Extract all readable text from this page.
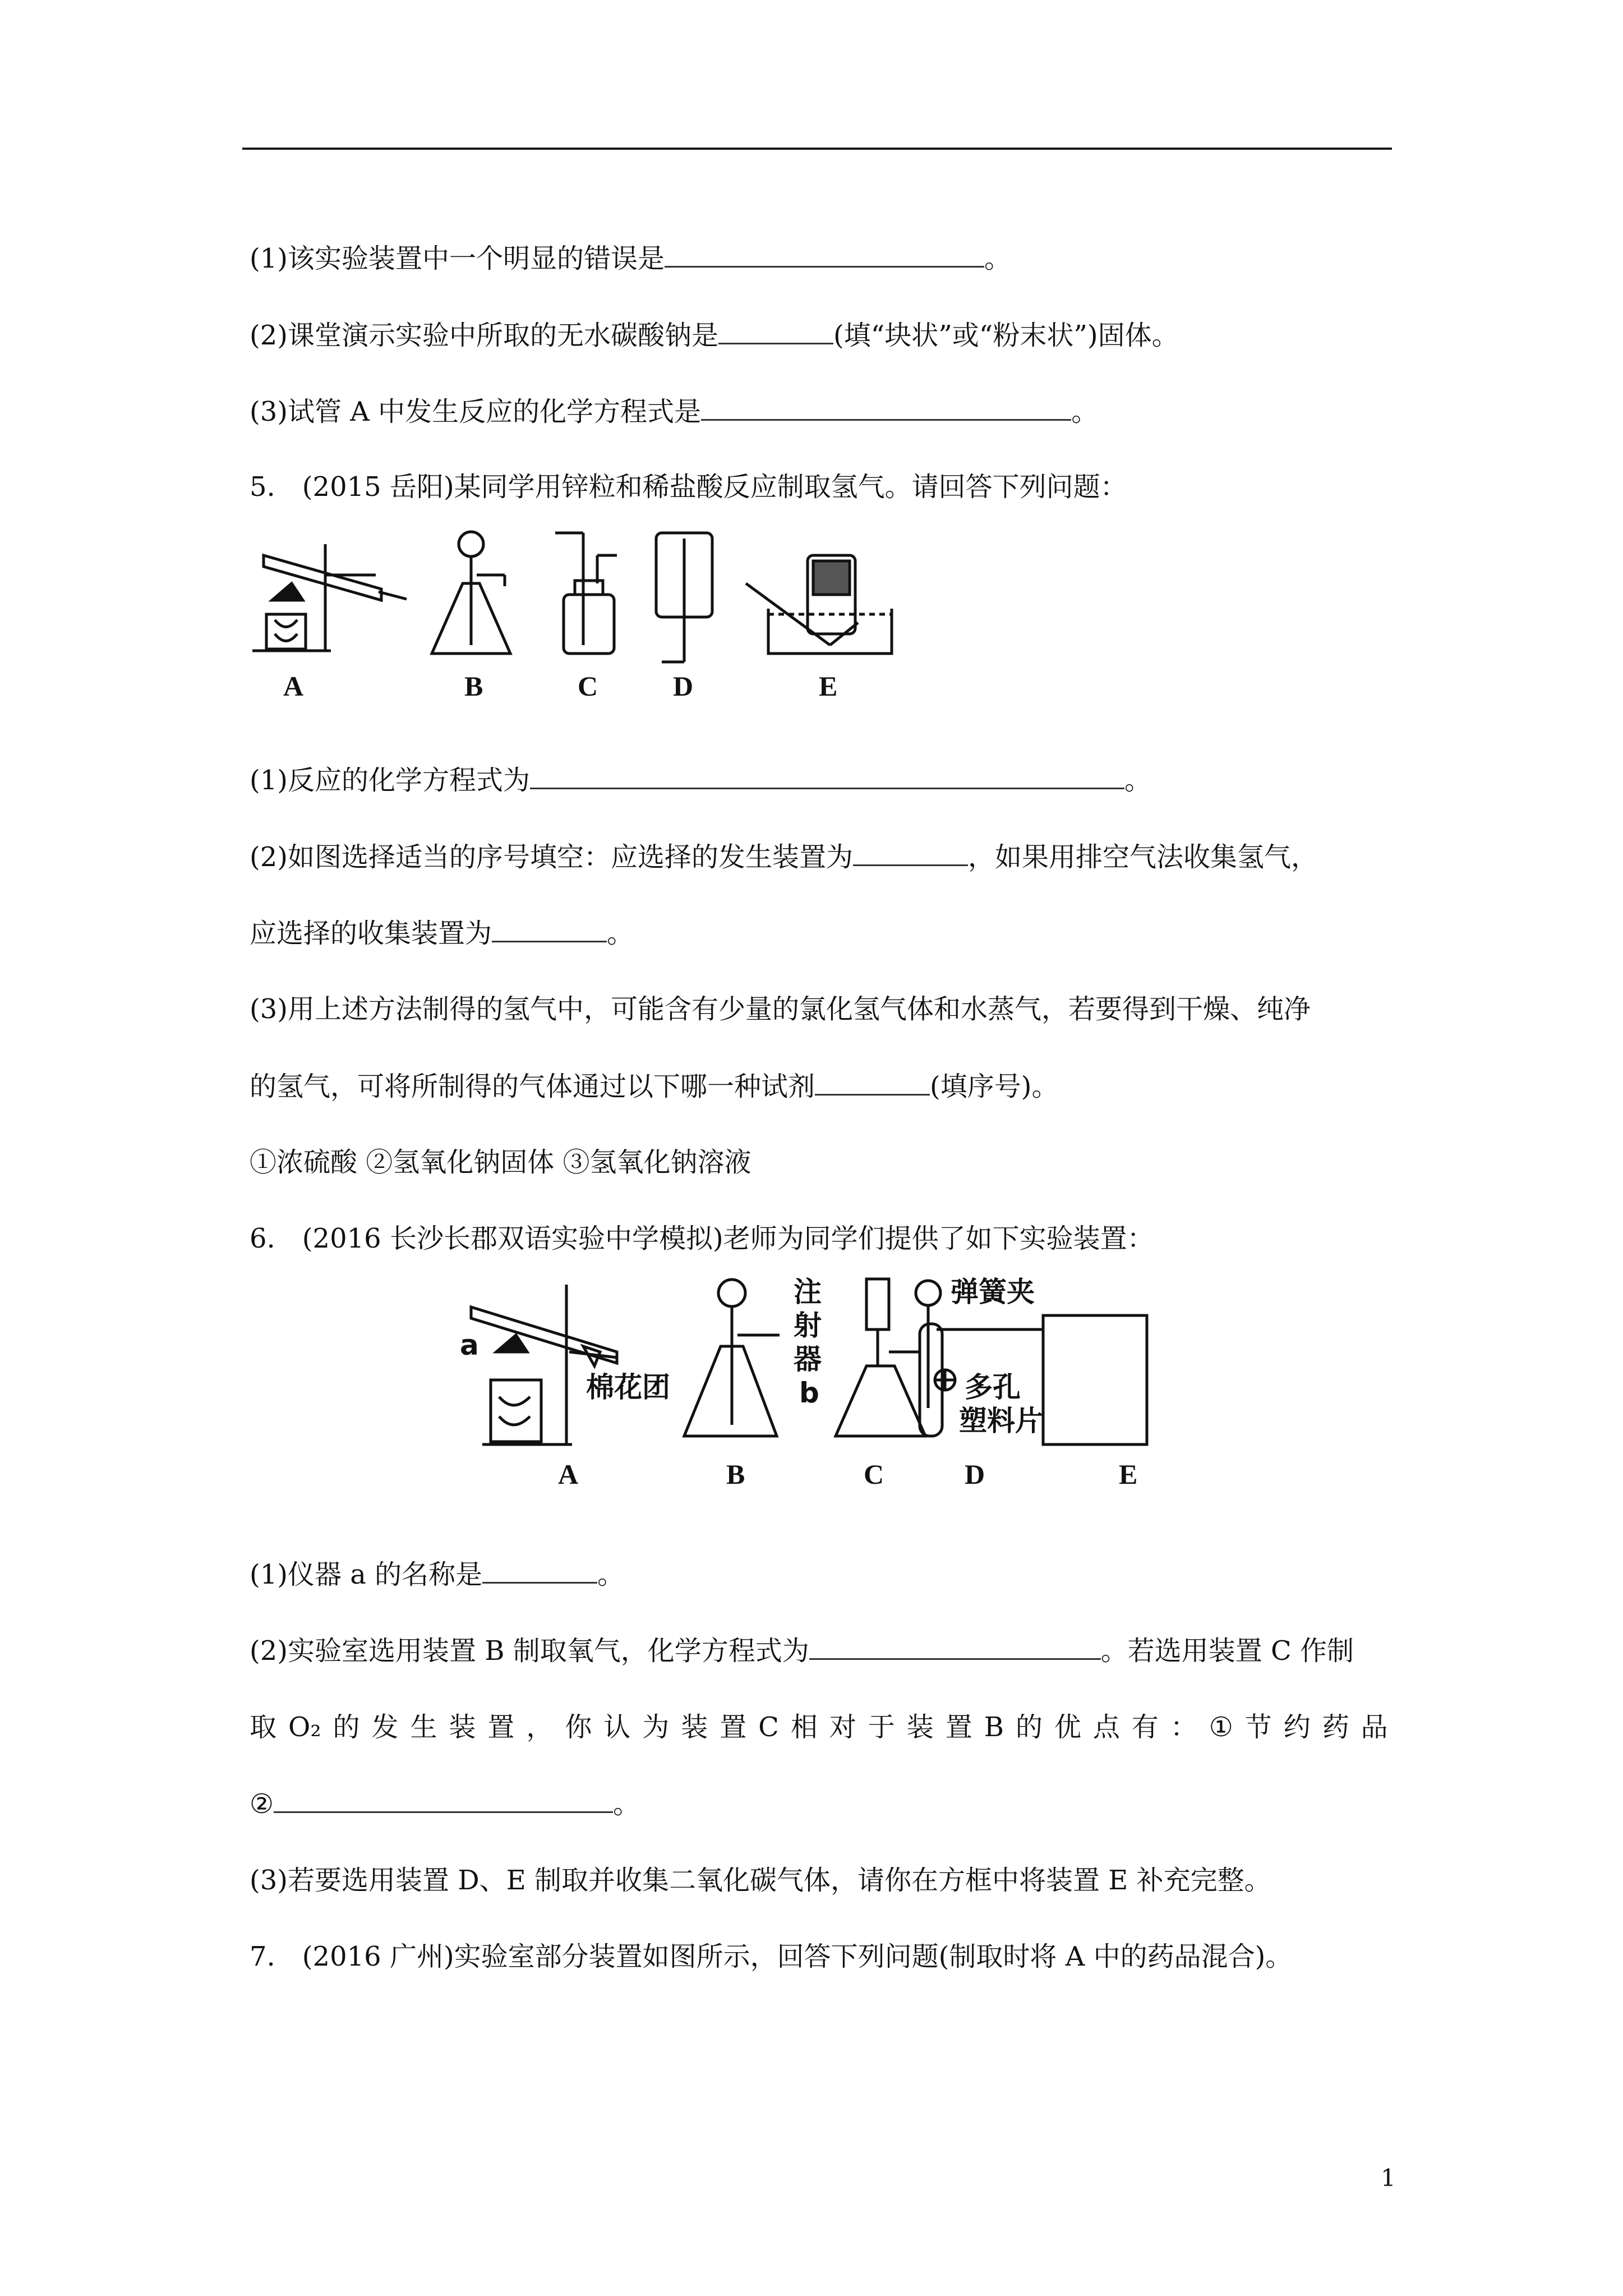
(1)该实验装置中一个明显的错误是	。
(2)课堂演示实验中所取的无水碳酸钠是	(填“块状”或“粉末状”)固体。
(3)试管 A 中发生反应的化学方程式是	。
5.　(2015 岳阳)某同学用锌粒和稀盐酸反应制取氢气。请回答下列问题：
A	B	C	D	E
(1)反应的化学方程式为	。
(2)如图选择适当的序号填空：应选择的发生装置为	，如果用排空气法收集氢气，
应选择的收集装置为	。
(3)用上述方法制得的氢气中，可能含有少量的氯化氢气体和水蒸气，若要得到干燥、纯净
的氢气，可将所制得的气体通过以下哪一种试剂	(填序号)。
①浓硫酸 ②氢氧化钠固体 ③氢氧化钠溶液
6.　(2016 长沙长郡双语实验中学模拟)老师为同学们提供了如下实验装置：
a
棉花团
注
射
器
b
弹簧夹
多孔
塑料片
A	B	C	D	E
(1)仪器 a 的名称是	。
(2)实验室选用装置 B 制取氧气，化学方程式为	。若选用装置 C 作制
取 O₂ 的 发 生 装 置 ， 你 认 为 装 置 C 相 对 于 装 置 B 的 优 点 有 ： ① 节 约 药 品
②	。
(3)若要选用装置 D、E 制取并收集二氧化碳气体，请你在方框中将装置 E 补充完整。
7.　(2016 广州)实验室部分装置如图所示，回答下列问题(制取时将 A 中的药品混合)。
1
